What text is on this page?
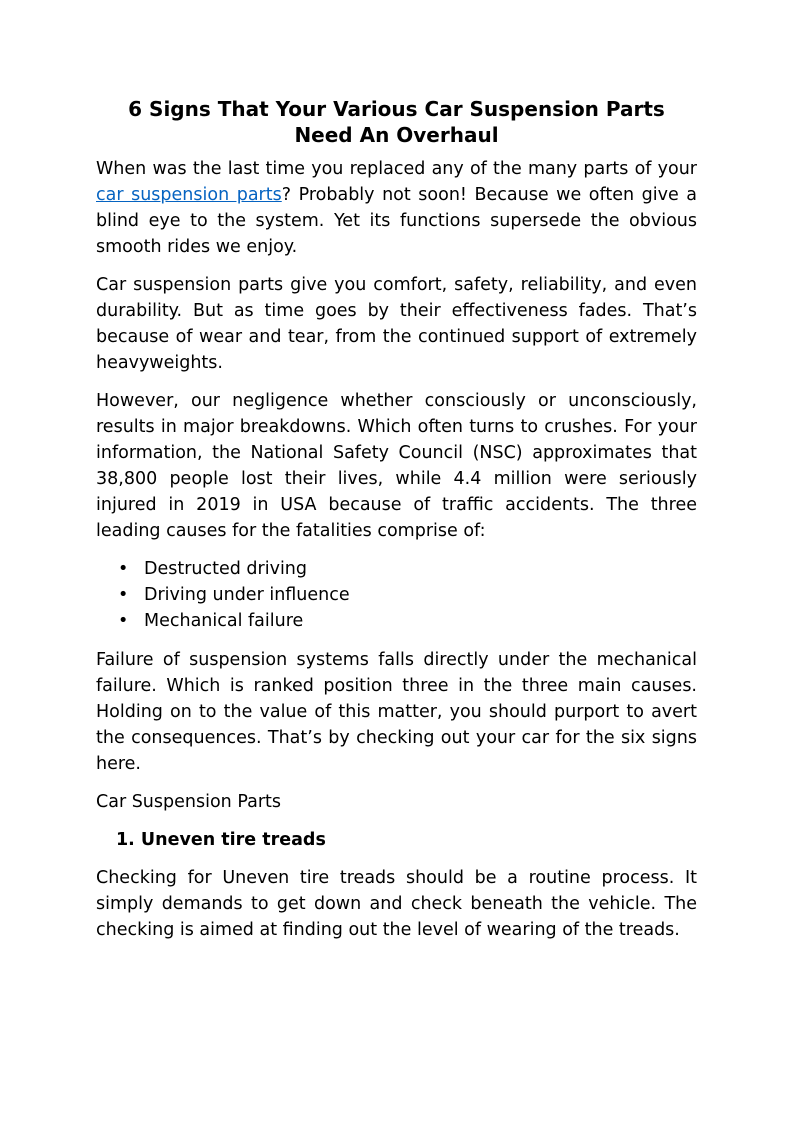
6 Signs That Your Various Car Suspension Parts Need An Overhaul

When was the last time you replaced any of the many parts of your car suspension parts? Probably not soon! Because we often give a blind eye to the system. Yet its functions supersede the obvious smooth rides we enjoy.

Car suspension parts give you comfort, safety, reliability, and even durability. But as time goes by their effectiveness fades. That’s because of wear and tear, from the continued support of extremely heavyweights.

However, our negligence whether consciously or unconsciously, results in major breakdowns. Which often turns to crushes. For your information, the National Safety Council (NSC) approximates that 38,800 people lost their lives, while 4.4 million were seriously injured in 2019 in USA because of traffic accidents. The three leading causes for the fatalities comprise of:

• Destructed driving
• Driving under influence
• Mechanical failure

Failure of suspension systems falls directly under the mechanical failure. Which is ranked position three in the three main causes. Holding on to the value of this matter, you should purport to avert the consequences. That’s by checking out your car for the six signs here.

Car Suspension Parts

1. Uneven tire treads

Checking for Uneven tire treads should be a routine process. It simply demands to get down and check beneath the vehicle. The checking is aimed at finding out the level of wearing of the treads.
